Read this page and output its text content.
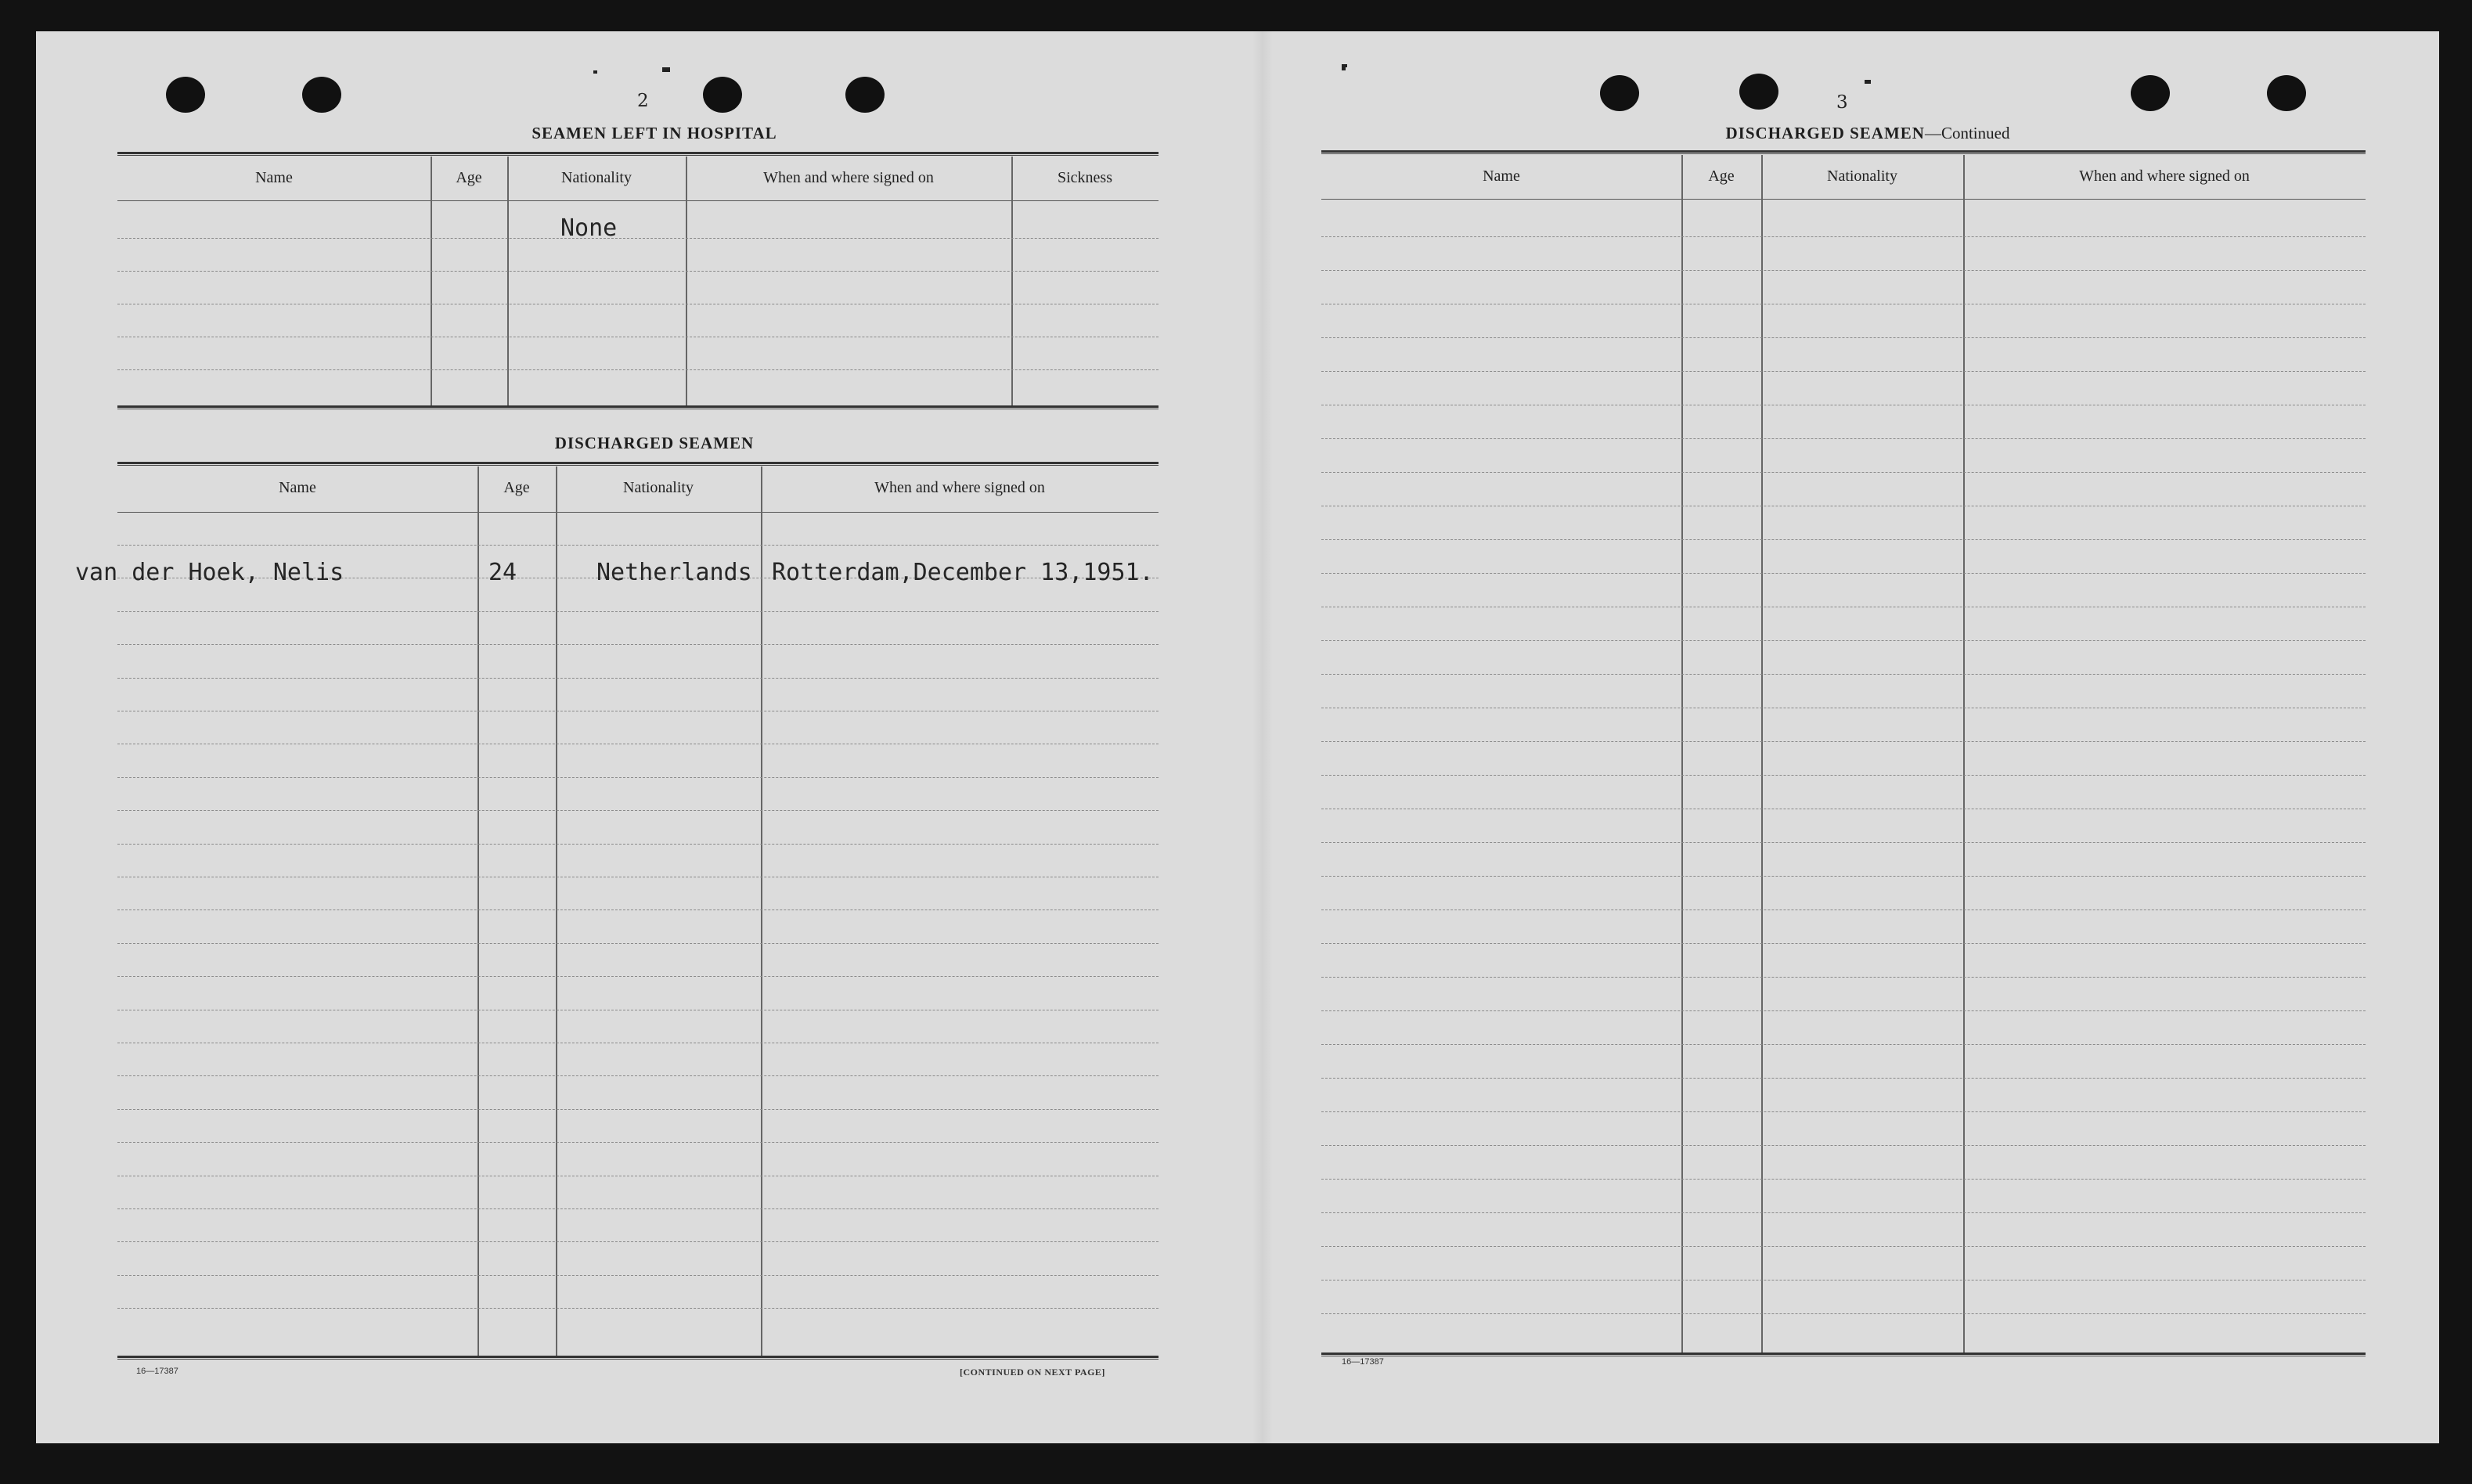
2
SEAMEN LEFT IN HOSPITAL
Name	Age	Nationality	When and where signed on	Sickness
None
DISCHARGED SEAMEN
Name	Age	Nationality	When and where signed on
van der Hoek, Nelis	24	Netherlands Rotterdam,December 13,1951.
16—17387	[CONTINUED ON NEXT PAGE]
3
DISCHARGED SEAMEN—Continued
Name	Age	Nationality	When and where signed on
16—17387
